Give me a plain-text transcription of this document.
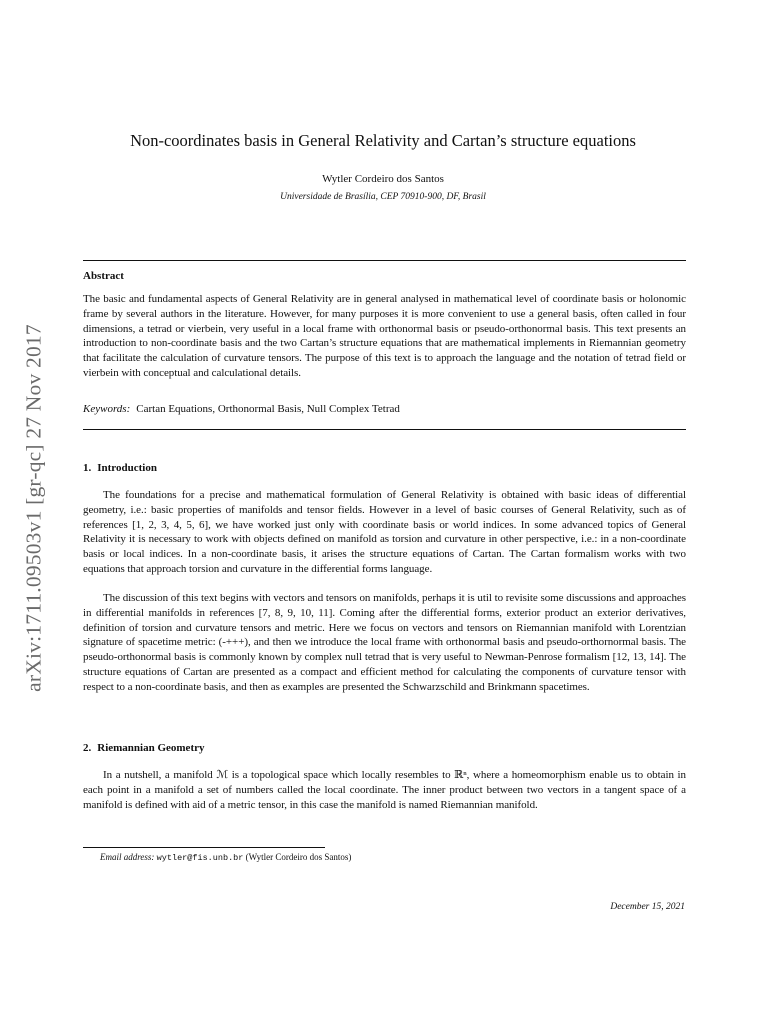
arXiv:1711.09503v1 [gr-qc] 27 Nov 2017
Non-coordinates basis in General Relativity and Cartan’s structure equations
Wytler Cordeiro dos Santos
Universidade de Brasília, CEP 70910-900, DF, Brasil
Abstract
The basic and fundamental aspects of General Relativity are in general analysed in mathematical level of coordinate basis or holonomic frame by several authors in the literature. However, for many purposes it is more convenient to use a general basis, often called in four dimensions, a tetrad or vierbein, very useful in a local frame with orthonormal basis or pseudo-orthonormal basis. This text presents an introduction to non-coordinate basis and the two Cartan’s structure equations that are mathematical implements in Riemannian geometry that facilitate the calculation of curvature tensors. The purpose of this text is to approach the language and the notation of tetrad field or vierbein with conceptual and calculational details.
Keywords: Cartan Equations, Orthonormal Basis, Null Complex Tetrad
1. Introduction

The foundations for a precise and mathematical formulation of General Relativity is obtained with basic ideas of differential geometry, i.e.: basic properties of manifolds and tensor fields. However in a level of basic courses of General Relativity, such as of references [1, 2, 3, 4, 5, 6], we have worked just only with coordinate basis or world indices. In some advanced topics of General Relativity it is necessary to work with objects defined on manifold as torsion and curvature in other perspective, i.e.: in a non-coordinate basis or local indices. In a non-coordinate basis, it arises the structure equations of Cartan. The Cartan formalism works with two equations that approach torsion and curvature in the differential forms language.

The discussion of this text begins with vectors and tensors on manifolds, perhaps it is util to revisite some discussions and approaches in differential manifolds in references [7, 8, 9, 10, 11]. Coming after the differential forms, exterior product an exterior derivatives, definition of torsion and curvature tensors and metric. Here we focus on vectors and tensors on Riemannian manifold with Lorentzian signature of spacetime metric: (-+++), and then we introduce the local frame with orthonormal basis and pseudo-orthornormal basis. The pseudo-orthonormal basis is commonly known by complex null tetrad that is very useful to Newman-Penrose formalism [12, 13, 14]. The structure equations of Cartan are presented as a compact and efficient method for calculating the components of curvature tensor with respect to a non-coordinate basis, and then as examples are presented the Schwarzschild and Brinkmann spacetimes.

2. Riemannian Geometry

In a nutshell, a manifold ℳ is a topological space which locally resembles to ℝⁿ, where a homeomorphism enable us to obtain in each point in a manifold a set of numbers called the local coordinate. The inner product between two vectors in a tangent space of a manifold is defined with aid of a metric tensor, in this case the manifold is named Riemannian manifold.

Email address: wytler@fis.unb.br (Wytler Cordeiro dos Santos)
December 15, 2021
